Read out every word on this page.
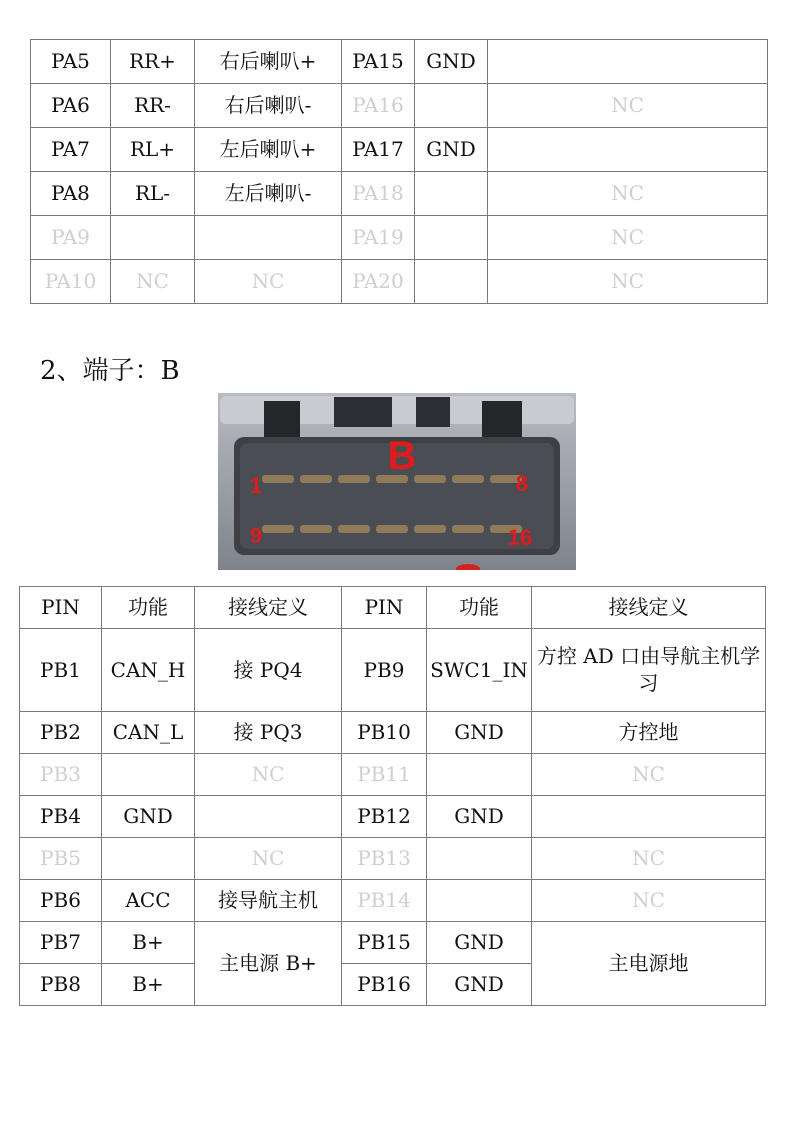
PA5	RR+	右后喇叭+	PA15	GND	
PA6	RR-	右后喇叭-	PA16		NC
PA7	RL+	左后喇叭+	PA17	GND	
PA8	RL-	左后喇叭-	PA18		NC
PA9			PA19		NC
PA10	NC	NC	PA20		NC
2、端子：B
B
1	8
9	16
PIN	功能	接线定义	PIN	功能	接线定义
PB1	CAN_H	接 PQ4	PB9	SWC1_IN	方控 AD 口由导航主机学习
PB2	CAN_L	接 PQ3	PB10	GND	方控地
PB3		NC	PB11		NC
PB4	GND		PB12	GND	
PB5		NC	PB13		NC
PB6	ACC	接导航主机	PB14		NC
PB7	B+	主电源 B+	PB15	GND	主电源地
PB8	B+		PB16	GND	
